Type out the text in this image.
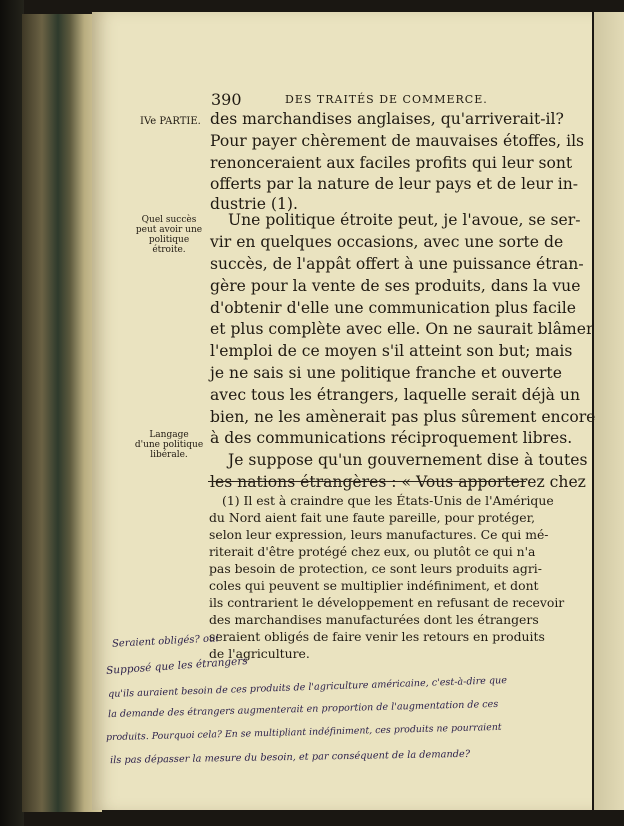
390	DES TRAITÉS DE COMMERCE.
IVe PARTIE.
Quel succès
peut avoir une
politique
étroite.
Langage
d'une politique
libérale.
des marchandises anglaises, qu'arriverait-il?
Pour payer chèrement de mauvaises étoffes, ils
renonceraient aux faciles profits qui leur sont
offerts par la nature de leur pays et de leur in-
dustrie (1).
Une politique étroite peut, je l'avoue, se ser-
vir en quelques occasions, avec une sorte de
succès, de l'appât offert à une puissance étran-
gère pour la vente de ses produits, dans la vue
d'obtenir d'elle une communication plus facile
et plus complète avec elle. On ne saurait blâmer
l'emploi de ce moyen s'il atteint son but; mais
je ne sais si une politique franche et ouverte
avec tous les étrangers, laquelle serait déjà un
bien, ne les amènerait pas plus sûrement encore
à des communications réciproquement libres.
Je suppose qu'un gouvernement dise à toutes
les nations étrangères : « Vous apporterez chez
(1) Il est à craindre que les États-Unis de l'Amérique
du Nord aient fait une faute pareille, pour protéger,
selon leur expression, leurs manufactures. Ce qui mé-
riterait d'être protégé chez eux, ou plutôt ce qui n'a
pas besoin de protection, ce sont leurs produits agri-
coles qui peuvent se multiplier indéfiniment, et dont
ils contrarient le développement en refusant de recevoir
des marchandises manufacturées dont les étrangers
seraient obligés de faire venir les retours en produits
de l'agriculture.
Seraient obligés? oui
Supposé que les étrangers
qu'ils auraient besoin de ces produits de l'agriculture américaine, c'est-à-dire que
la demande des étrangers augmenterait en proportion de l'augmentation de ces
produits. Pourquoi cela? En se multipliant indéfiniment, ces produits ne pourraient
ils pas dépasser la mesure du besoin, et par conséquent de la demande?
